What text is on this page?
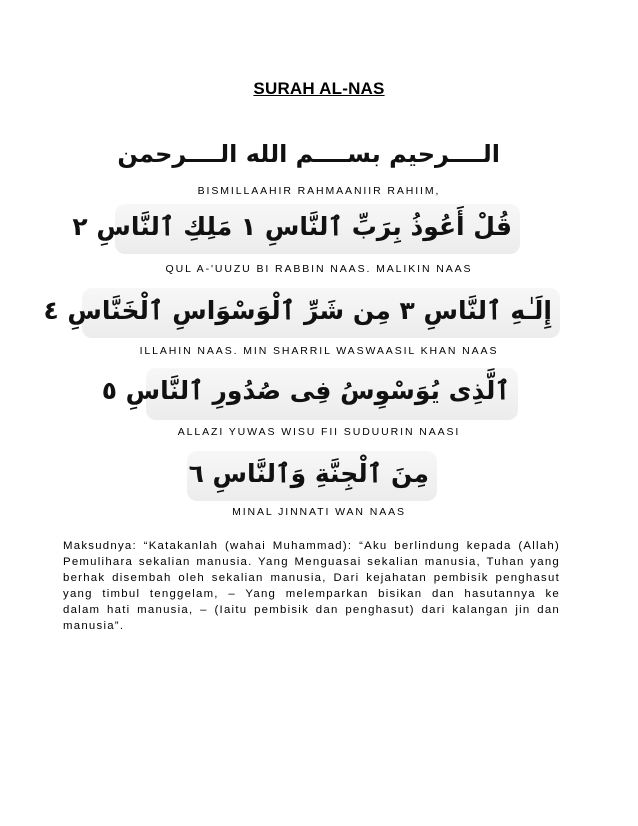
SURAH AL-NAS
الــــرحيم بســــم الله الــــرحمن
BISMILLAAHIR RAHMAANIIR RAHIIM,
قُلْ أَعُوذُ بِرَبِّ ٱلنَّاسِ ١ مَلِكِ ٱلنَّاسِ ٢
QUL A-'UUZU BI RABBIN NAAS. MALIKIN NAAS
إِلَـٰهِ ٱلنَّاسِ ٣ مِن شَرِّ ٱلْوَسْوَاسِ ٱلْخَنَّاسِ ٤
ILLAHIN NAAS. MIN SHARRIL WASWAASIL KHAN NAAS
ٱلَّذِى يُوَسْوِسُ فِى صُدُورِ ٱلنَّاسِ ٥
ALLAZI YUWAS WISU FII SUDUURIN NAASI
مِنَ ٱلْجِنَّةِ وَٱلنَّاسِ ٦
MINAL JINNATI WAN NAAS
Maksudnya: “Katakanlah (wahai Muhammad): “Aku berlindung kepada (Allah) Pemulihara sekalian manusia. Yang Menguasai sekalian manusia, Tuhan yang berhak disembah oleh sekalian manusia, Dari kejahatan pembisik penghasut yang timbul tenggelam, – Yang melemparkan bisikan dan hasutannya ke dalam hati manusia, – (Iaitu pembisik dan penghasut) dari kalangan jin dan manusia”.
